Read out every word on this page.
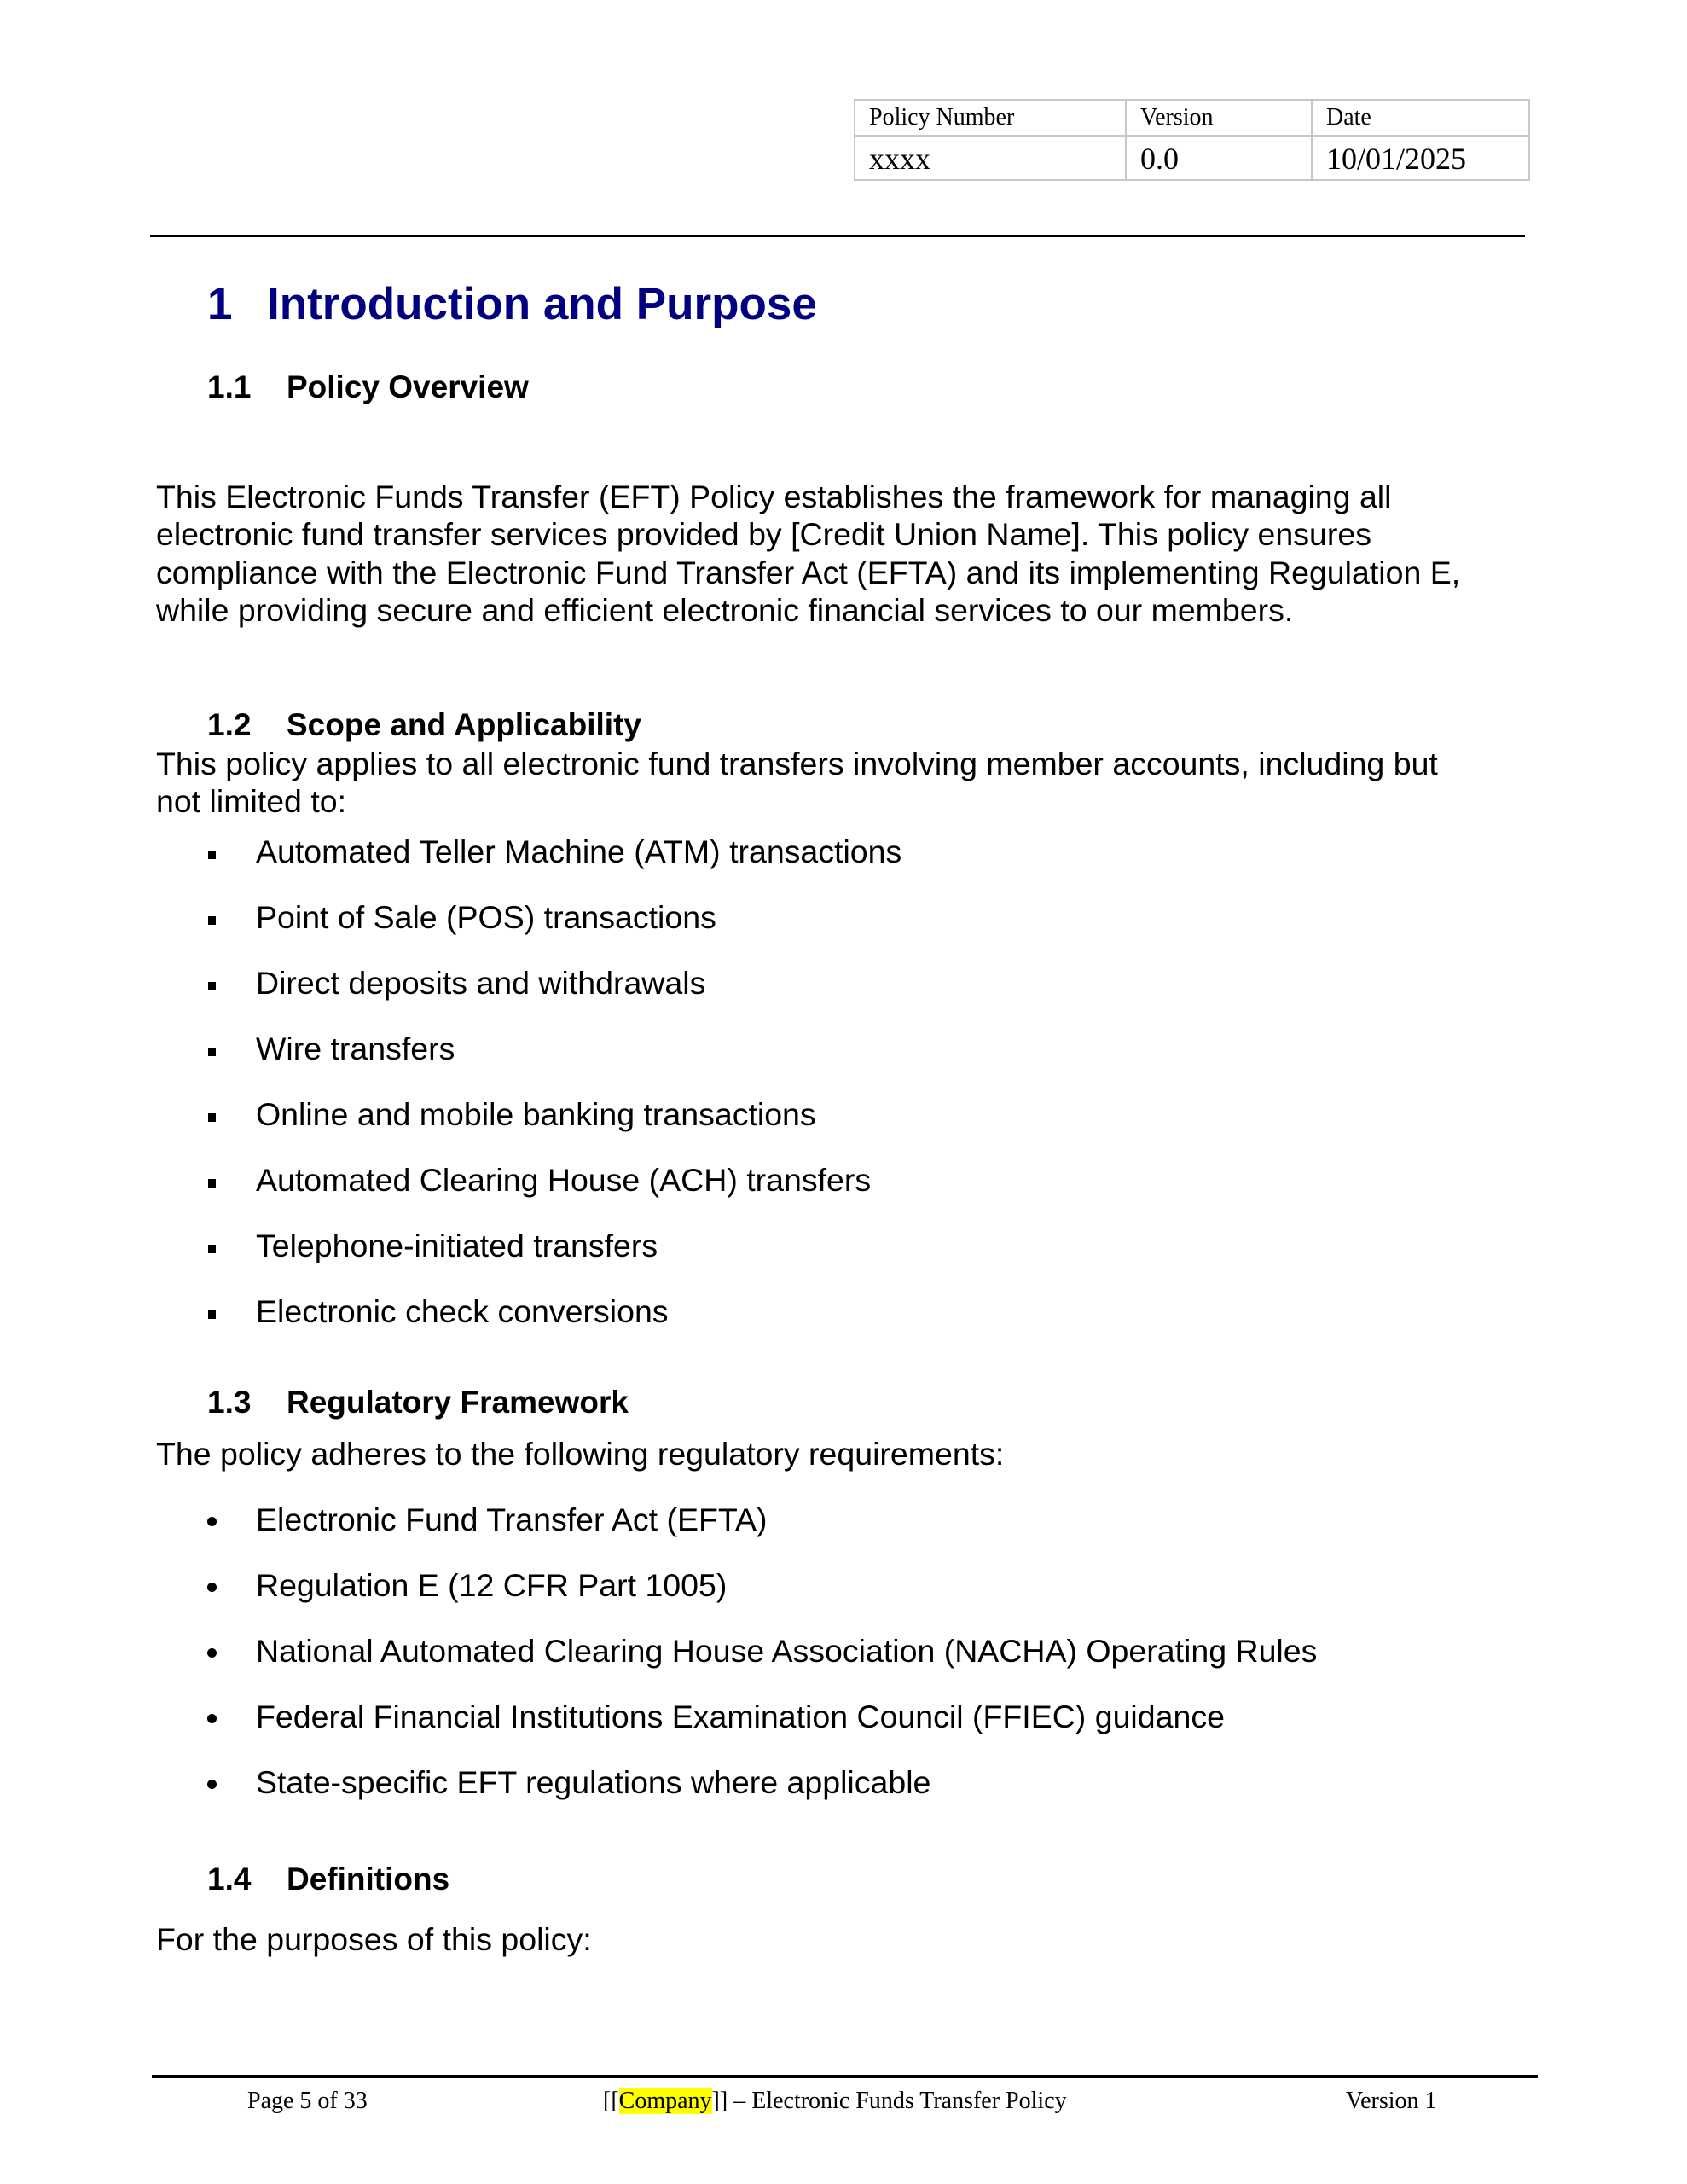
Policy Number	Version	Date
xxxx	0.0	10/01/2025
1 Introduction and Purpose
1.1 Policy Overview
This Electronic Funds Transfer (EFT) Policy establishes the framework for managing all
electronic fund transfer services provided by [Credit Union Name]. This policy ensures
compliance with the Electronic Fund Transfer Act (EFTA) and its implementing Regulation E,
while providing secure and efficient electronic financial services to our members.
1.2 Scope and Applicability
This policy applies to all electronic fund transfers involving member accounts, including but
not limited to:
Automated Teller Machine (ATM) transactions
Point of Sale (POS) transactions
Direct deposits and withdrawals
Wire transfers
Online and mobile banking transactions
Automated Clearing House (ACH) transfers
Telephone-initiated transfers
Electronic check conversions
1.3 Regulatory Framework
The policy adheres to the following regulatory requirements:
Electronic Fund Transfer Act (EFTA)
Regulation E (12 CFR Part 1005)
National Automated Clearing House Association (NACHA) Operating Rules
Federal Financial Institutions Examination Council (FFIEC) guidance
State-specific EFT regulations where applicable
1.4 Definitions
For the purposes of this policy:
Page 5 of 33	[[Company]] – Electronic Funds Transfer Policy	Version 1
